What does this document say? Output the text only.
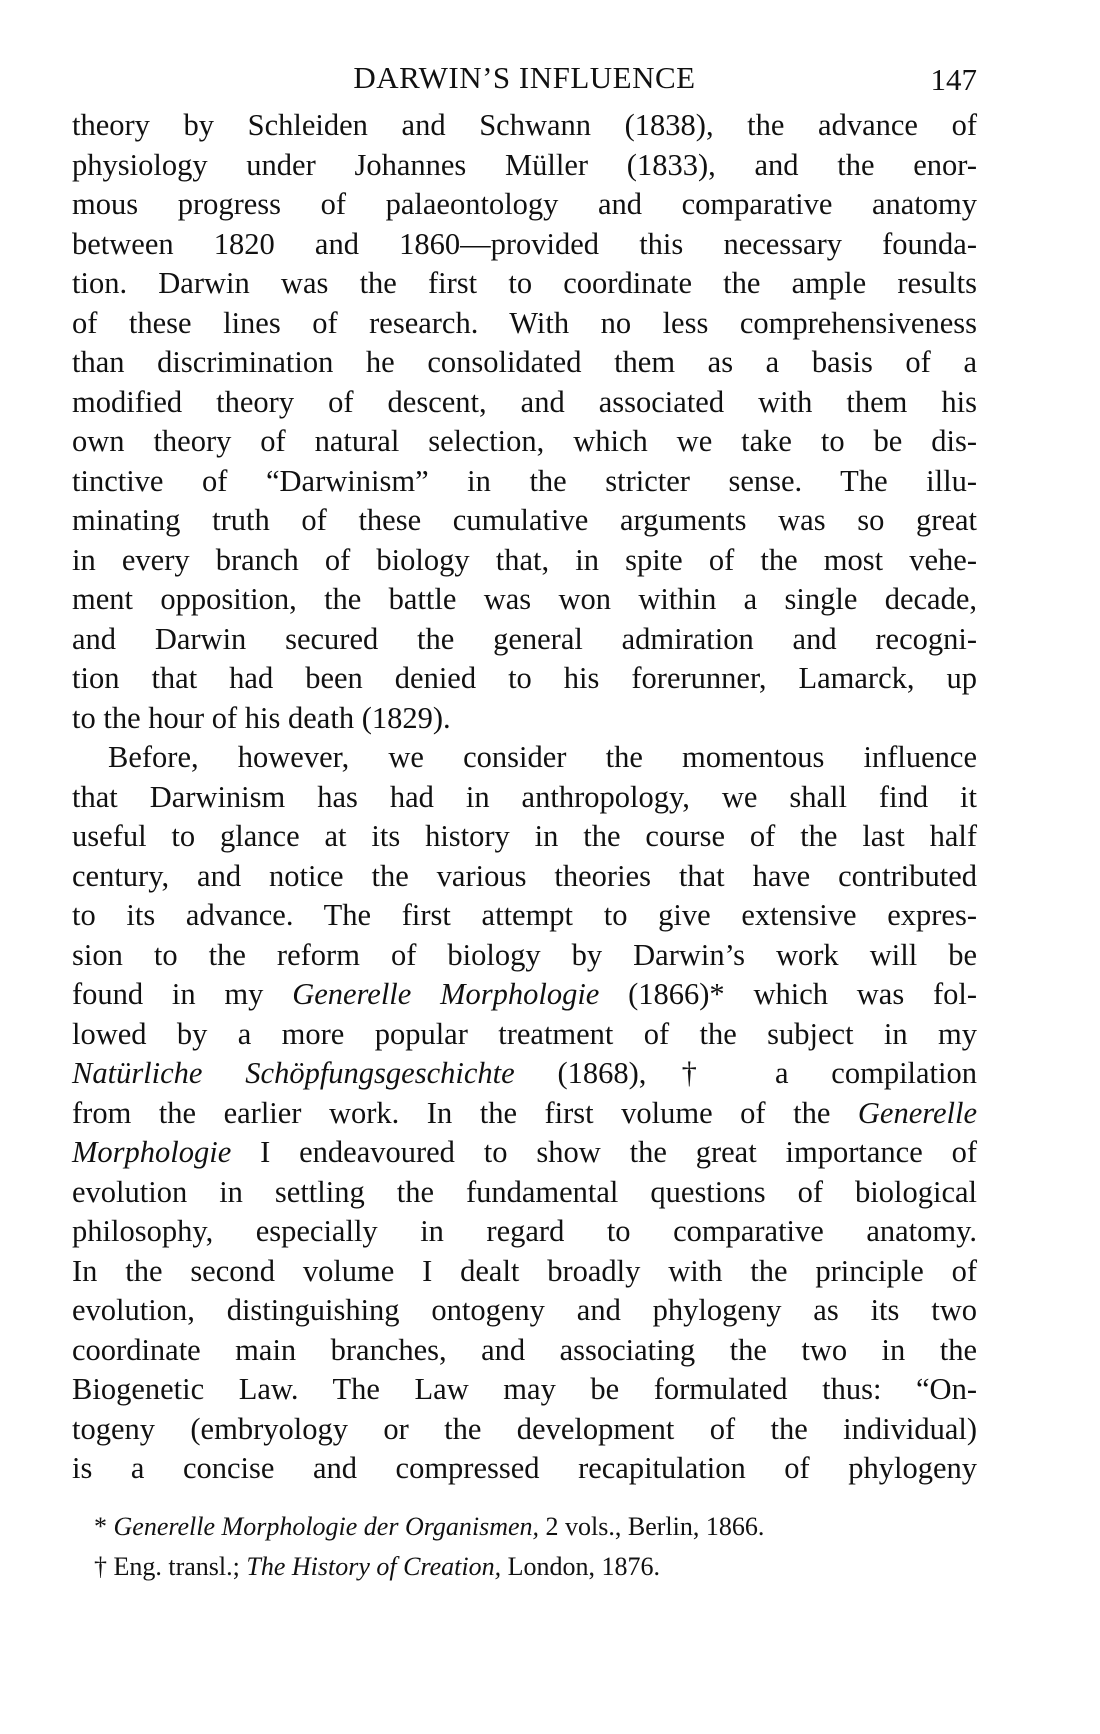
DARWIN’S INFLUENCE	147
theory by Schleiden and Schwann (1838), the advance of
physiology under Johannes Müller (1833), and the enor-
mous progress of palaeontology and comparative anatomy
between 1820 and 1860—provided this necessary founda-
tion. Darwin was the first to coordinate the ample results
of these lines of research. With no less comprehensiveness
than discrimination he consolidated them as a basis of a
modified theory of descent, and associated with them his
own theory of natural selection, which we take to be dis-
tinctive of “Darwinism” in the stricter sense. The illu-
minating truth of these cumulative arguments was so great
in every branch of biology that, in spite of the most vehe-
ment opposition, the battle was won within a single decade,
and Darwin secured the general admiration and recogni-
tion that had been denied to his forerunner, Lamarck, up
to the hour of his death (1829).
Before, however, we consider the momentous influence
that Darwinism has had in anthropology, we shall find it
useful to glance at its history in the course of the last half
century, and notice the various theories that have contributed
to its advance. The first attempt to give extensive expres-
sion to the reform of biology by Darwin’s work will be
found in my Generelle Morphologie (1866)* which was fol-
lowed by a more popular treatment of the subject in my
Natürliche Schöpfungsgeschichte (1868),† a compilation
from the earlier work. In the first volume of the Generelle
Morphologie I endeavoured to show the great importance of
evolution in settling the fundamental questions of biological
philosophy, especially in regard to comparative anatomy.
In the second volume I dealt broadly with the principle of
evolution, distinguishing ontogeny and phylogeny as its two
coordinate main branches, and associating the two in the
Biogenetic Law. The Law may be formulated thus: “On-
togeny (embryology or the development of the individual)
is a concise and compressed recapitulation of phylogeny
* Generelle Morphologie der Organismen, 2 vols., Berlin, 1866.
† Eng. transl.; The History of Creation, London, 1876.
